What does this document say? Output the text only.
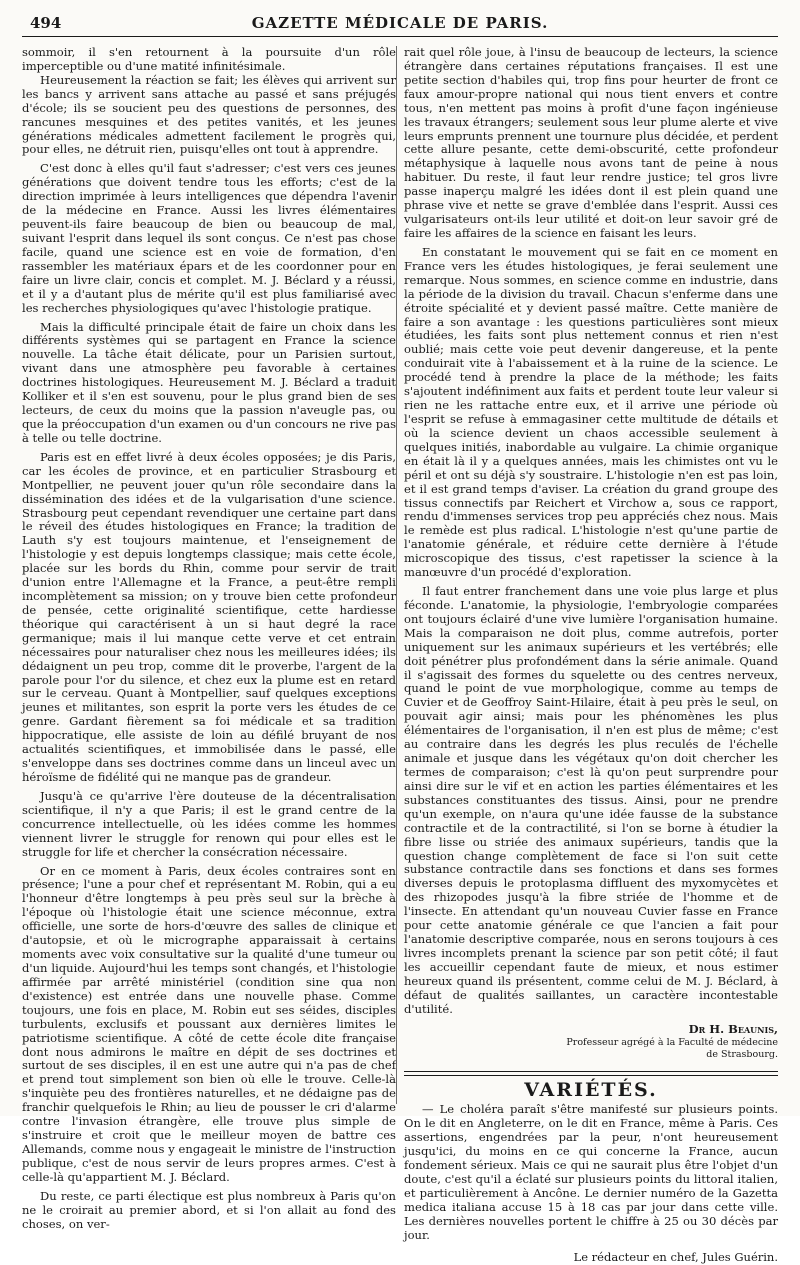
494	GAZETTE MÉDICALE DE PARIS.

sommoir, il s'en retournent à la poursuite d'un rôle imperceptible ou d'une matité infinitésimale.

Heureusement la réaction se fait; les élèves qui arrivent sur les bancs y arrivent sans attache au passé et sans préjugés d'école; ils se soucient peu des questions de personnes, des rancunes mesquines et des petites vanités, et les jeunes générations médicales admettent facilement le progrès qui, pour elles, ne détruit rien, puisqu'elles ont tout à apprendre.

C'est donc à elles qu'il faut s'adresser; c'est vers ces jeunes générations que doivent tendre tous les efforts; c'est de la direction imprimée à leurs intelligences que dépendra l'avenir de la médecine en France. Aussi les livres élémentaires peuvent-ils faire beaucoup de bien ou beaucoup de mal, suivant l'esprit dans lequel ils sont conçus. Ce n'est pas chose facile, quand une science est en voie de formation, d'en rassembler les matériaux épars et de les coordonner pour en faire un livre clair, concis et complet. M. J. Béclard y a réussi, et il y a d'autant plus de mérite qu'il est plus familiarisé avec les recherches physiologiques qu'avec l'histologie pratique.

Mais la difficulté principale était de faire un choix dans les différents systèmes qui se partagent en France la science nouvelle. La tâche était délicate, pour un Parisien surtout, vivant dans une atmosphère peu favorable à certaines doctrines histologiques. Heureusement M. J. Béclard a traduit Kolliker et il s'en est souvenu, pour le plus grand bien de ses lecteurs, de ceux du moins que la passion n'aveugle pas, ou que la préoccupation d'un examen ou d'un concours ne rive pas à telle ou telle doctrine.

Paris est en effet livré à deux écoles opposées; je dis Paris, car les écoles de province, et en particulier Strasbourg et Montpellier, ne peuvent jouer qu'un rôle secondaire dans la dissémination des idées et de la vulgarisation d'une science. Strasbourg peut cependant revendiquer une certaine part dans le réveil des études histologiques en France; la tradition de Lauth s'y est toujours maintenue, et l'enseignement de l'histologie y est depuis longtemps classique; mais cette école, placée sur les bords du Rhin, comme pour servir de trait d'union entre l'Allemagne et la France, a peut-être rempli incomplètement sa mission; on y trouve bien cette profondeur de pensée, cette originalité scientifique, cette hardiesse théorique qui caractérisent à un si haut degré la race germanique; mais il lui manque cette verve et cet entrain nécessaires pour naturaliser chez nous les meilleures idées; ils dédaignent un peu trop, comme dit le proverbe, l'argent de la parole pour l'or du silence, et chez eux la plume est en retard sur le cerveau. Quant à Montpellier, sauf quelques exceptions jeunes et militantes, son esprit la porte vers les études de ce genre. Gardant fièrement sa foi médicale et sa tradition hippocratique, elle assiste de loin au défilé bruyant de nos actualités scientifiques, et immobilisée dans le passé, elle s'enveloppe dans ses doctrines comme dans un linceul avec un héroïsme de fidélité qui ne manque pas de grandeur.

Jusqu'à ce qu'arrive l'ère douteuse de la décentralisation scientifique, il n'y a que Paris; il est le grand centre de la concurrence intellectuelle, où les idées comme les hommes viennent livrer le struggle for renown qui pour elles est le struggle for life et chercher la consécration nécessaire.

Or en ce moment à Paris, deux écoles contraires sont en présence; l'une a pour chef et représentant M. Robin, qui a eu l'honneur d'être longtemps à peu près seul sur la brèche à l'époque où l'histologie était une science méconnue, extra officielle, une sorte de hors-d'œuvre des salles de clinique et d'autopsie, et où le micrographe apparaissait à certains moments avec voix consultative sur la qualité d'une tumeur ou d'un liquide. Aujourd'hui les temps sont changés, et l'histologie affirmée par arrêté ministériel (condition sine qua non d'existence) est entrée dans une nouvelle phase. Comme toujours, une fois en place, M. Robin eut ses séides, disciples turbulents, exclusifs et poussant aux dernières limites le patriotisme scientifique. A côté de cette école dite française dont nous admirons le maître en dépit de ses doctrines et surtout de ses disciples, il en est une autre qui n'a pas de chef et prend tout simplement son bien où elle le trouve. Celle-là s'inquiète peu des frontières naturelles, et ne dédaigne pas de franchir quelquefois le Rhin; au lieu de pousser le cri d'alarme contre l'invasion étrangère, elle trouve plus simple de s'instruire et croit que le meilleur moyen de battre ces Allemands, comme nous y engageait le ministre de l'instruction publique, c'est de nous servir de leurs propres armes. C'est à celle-là qu'appartient M. J. Béclard.

Du reste, ce parti électique est plus nombreux à Paris qu'on ne le croirait au premier abord, et si l'on allait au fond des choses, on ver-

rait quel rôle joue, à l'insu de beaucoup de lecteurs, la science étrangère dans certaines réputations françaises. Il est une petite section d'habiles qui, trop fins pour heurter de front ce faux amour-propre national qui nous tient envers et contre tous, n'en mettent pas moins à profit d'une façon ingénieuse les travaux étrangers; seulement sous leur plume alerte et vive leurs emprunts prennent une tournure plus décidée, et perdent cette allure pesante, cette demi-obscurité, cette profondeur métaphysique à laquelle nous avons tant de peine à nous habituer. Du reste, il faut leur rendre justice; tel gros livre passe inaperçu malgré les idées dont il est plein quand une phrase vive et nette se grave d'emblée dans l'esprit. Aussi ces vulgarisateurs ont-ils leur utilité et doit-on leur savoir gré de faire les affaires de la science en faisant les leurs.

En constatant le mouvement qui se fait en ce moment en France vers les études histologiques, je ferai seulement une remarque. Nous sommes, en science comme en industrie, dans la période de la division du travail. Chacun s'enferme dans une étroite spécialité et y devient passé maître. Cette manière de faire a son avantage : les questions particulières sont mieux étudiées, les faits sont plus nettement connus et rien n'est oublié; mais cette voie peut devenir dangereuse, et la pente conduirait vite à l'abaissement et à la ruine de la science. Le procédé tend à prendre la place de la méthode; les faits s'ajoutent indéfiniment aux faits et perdent toute leur valeur si rien ne les rattache entre eux, et il arrive une période où l'esprit se refuse à emmagasiner cette multitude de détails et où la science devient un chaos accessible seulement à quelques initiés, inabordable au vulgaire. La chimie organique en était là il y a quelques années, mais les chimistes ont vu le péril et ont su déjà s'y soustraire. L'histologie n'en est pas loin, et il est grand temps d'aviser. La création du grand groupe des tissus connectifs par Reichert et Virchow a, sous ce rapport, rendu d'immenses services trop peu appréciés chez nous. Mais le remède est plus radical. L'histologie n'est qu'une partie de l'anatomie générale, et réduire cette dernière à l'étude microscopique des tissus, c'est rapetisser la science à la manœuvre d'un procédé d'exploration.

Il faut entrer franchement dans une voie plus large et plus féconde. L'anatomie, la physiologie, l'embryologie comparées ont toujours éclairé d'une vive lumière l'organisation humaine. Mais la comparaison ne doit plus, comme autrefois, porter uniquement sur les animaux supérieurs et les vertébrés; elle doit pénétrer plus profondément dans la série animale. Quand il s'agissait des formes du squelette ou des centres nerveux, quand le point de vue morphologique, comme au temps de Cuvier et de Geoffroy Saint-Hilaire, était à peu près le seul, on pouvait agir ainsi; mais pour les phénomènes les plus élémentaires de l'organisation, il n'en est plus de même; c'est au contraire dans les degrés les plus reculés de l'échelle animale et jusque dans les végétaux qu'on doit chercher les termes de comparaison; c'est là qu'on peut surprendre pour ainsi dire sur le vif et en action les parties élémentaires et les substances constituantes des tissus. Ainsi, pour ne prendre qu'un exemple, on n'aura qu'une idée fausse de la substance contractile et de la contractilité, si l'on se borne à étudier la fibre lisse ou striée des animaux supérieurs, tandis que la question change complètement de face si l'on suit cette substance contractile dans ses fonctions et dans ses formes diverses depuis le protoplasma diffluent des myxomycètes et des rhizopodes jusqu'à la fibre striée de l'homme et de l'insecte. En attendant qu'un nouveau Cuvier fasse en France pour cette anatomie générale ce que l'ancien a fait pour l'anatomie descriptive comparée, nous en serons toujours à ces livres incomplets prenant la science par son petit côté; il faut les accueillir cependant faute de mieux, et nous estimer heureux quand ils présentent, comme celui de M. J. Béclard, à défaut de qualités saillantes, un caractère incontestable d'utilité.

Dr H. Beaunis,
Professeur agrégé à la Faculté de médecine
de Strasbourg.
VARIÉTÉS.

— Le choléra paraît s'être manifesté sur plusieurs points. On le dit en Angleterre, on le dit en France, même à Paris. Ces assertions, engendrées par la peur, n'ont heureusement jusqu'ici, du moins en ce qui concerne la France, aucun fondement sérieux. Mais ce qui ne saurait plus être l'objet d'un doute, c'est qu'il a éclaté sur plusieurs points du littoral italien, et particulièrement à Ancône. Le dernier numéro de la Gazetta medica italiana accuse 15 à 18 cas par jour dans cette ville. Les dernières nouvelles portent le chiffre à 25 ou 30 décès par jour.

Le rédacteur en chef, Jules Guérin.
